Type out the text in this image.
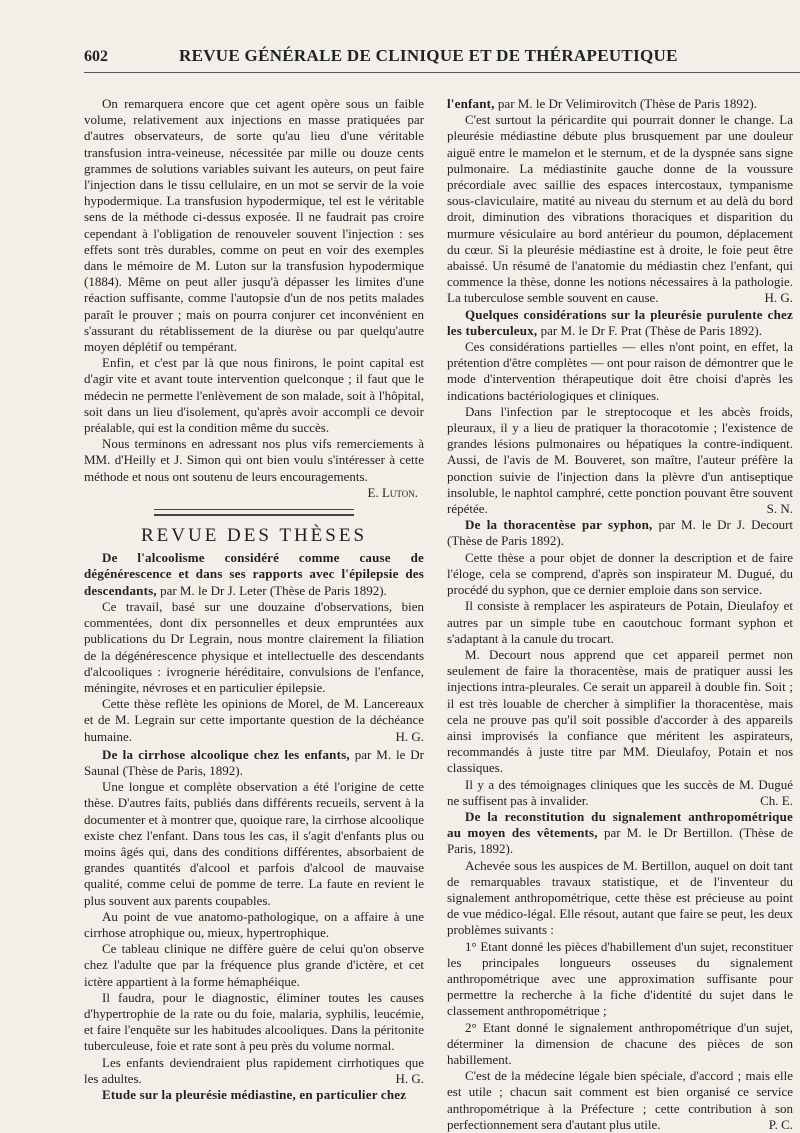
602	REVUE GÉNÉRALE DE CLINIQUE ET DE THÉRAPEUTIQUE

On remarquera encore que cet agent opère sous un faible volume, relativement aux injections en masse pratiquées par d'autres observateurs, de sorte qu'au lieu d'une véritable transfusion intra-veineuse, nécessitée par mille ou douze cents grammes de solutions variables suivant les auteurs, on peut faire l'injection dans le tissu cellulaire, en un mot se servir de la voie hypodermique. La transfusion hypodermique, tel est le véritable sens de la méthode ci-dessus exposée. Il ne faudrait pas croire cependant à l'obligation de renouveler souvent l'injection : ses effets sont très durables, comme on peut en voir des exemples dans le mémoire de M. Luton sur la transfusion hypodermique (1884). Même on peut aller jusqu'à dépasser les limites d'une réaction suffisante, comme l'autopsie d'un de nos petits malades paraît le prouver ; mais on pourra conjurer cet inconvénient en s'assurant du rétablissement de la diurèse ou par quelqu'autre moyen déplétif ou tempérant.

Enfin, et c'est par là que nous finirons, le point capital est d'agir vite et avant toute intervention quelconque ; il faut que le médecin ne permette l'enlèvement de son malade, soit à l'hôpital, soit dans un lieu d'isolement, qu'après avoir accompli ce devoir préalable, qui est la condition même du succès.

Nous terminons en adressant nos plus vifs remerciements à MM. d'Heilly et J. Simon qui ont bien voulu s'intéresser à cette méthode et nous ont soutenu de leurs encouragements.

E. Luton.

REVUE DES THÈSES

De l'alcoolisme considéré comme cause de dégénérescence et dans ses rapports avec l'épilepsie des descendants, par M. le Dr J. Leter (Thèse de Paris 1892).

Ce travail, basé sur une douzaine d'observations, bien commentées, dont dix personnelles et deux empruntées aux publications du Dr Legrain, nous montre clairement la filiation de la dégénérescence physique et intellectuelle des descendants d'alcooliques : ivrognerie héréditaire, convulsions de l'enfance, méningite, névroses et en particulier épilepsie.

Cette thèse reflète les opinions de Morel, de M. Lancereaux et de M. Legrain sur cette importante question de la déchéance humaine.	H. G.

De la cirrhose alcoolique chez les enfants, par M. le Dr Saunal (Thèse de Paris, 1892).

Une longue et complète observation a été l'origine de cette thèse. D'autres faits, publiés dans différents recueils, servent à la documenter et à montrer que, quoique rare, la cirrhose alcoolique existe chez l'enfant. Dans tous les cas, il s'agit d'enfants plus ou moins âgés qui, dans des conditions différentes, absorbaient de grandes quantités d'alcool et parfois d'alcool de mauvaise qualité, comme celui de pomme de terre. La faute en revient le plus souvent aux parents coupables.

Au point de vue anatomo-pathologique, on a affaire à une cirrhose atrophique ou, mieux, hypertrophique.

Ce tableau clinique ne diffère guère de celui qu'on observe chez l'adulte que par la fréquence plus grande d'ictère, et cet ictère appartient à la forme hémaphéique.

Il faudra, pour le diagnostic, éliminer toutes les causes d'hypertrophie de la rate ou du foie, malaria, syphilis, leucémie, et faire l'enquête sur les habitudes alcooliques. Dans la péritonite tuberculeuse, foie et rate sont à peu près du volume normal.

Les enfants deviendraient plus rapidement cirrhotiques que les adultes.	H. G.

Etude sur la pleurésie médiastine, en particulier chez

l'enfant, par M. le Dr Velimirovitch (Thèse de Paris 1892).

C'est surtout la péricardite qui pourrait donner le change. La pleurésie médiastine débute plus brusquement par une douleur aiguë entre le mamelon et le sternum, et de la dyspnée sans signe pulmonaire. La médiastinite gauche donne de la voussure précordiale avec saillie des espaces intercostaux, tympanisme sous-claviculaire, matité au niveau du sternum et au delà du bord droit, diminution des vibrations thoraciques et disparition du murmure vésiculaire au bord antérieur du poumon, déplacement du cœur. Si la pleurésie médiastine est à droite, le foie peut être abaissé. Un résumé de l'anatomie du médiastin chez l'enfant, qui commence la thèse, donne les notions nécessaires à la pathologie. La tuberculose semble souvent en cause.	H. G.

Quelques considérations sur la pleurésie purulente chez les tuberculeux, par M. le Dr F. Prat (Thèse de Paris 1892).

Ces considérations partielles — elles n'ont point, en effet, la prétention d'être complètes — ont pour raison de démontrer que le mode d'intervention thérapeutique doit être choisi d'après les indications bactériologiques et cliniques.

Dans l'infection par le streptocoque et les abcès froids, pleuraux, il y a lieu de pratiquer la thoracotomie ; l'existence de grandes lésions pulmonaires ou hépatiques la contre-indiquent. Aussi, de l'avis de M. Bouveret, son maître, l'auteur préfère la ponction suivie de l'injection dans la plèvre d'un antiseptique insoluble, le naphtol camphré, cette ponction pouvant être souvent répétée.	S. N.

De la thoracentèse par syphon, par M. le Dr J. Decourt (Thèse de Paris 1892).

Cette thèse a pour objet de donner la description et de faire l'éloge, cela se comprend, d'après son inspirateur M. Dugué, du procédé du syphon, que ce dernier emploie dans son service.

Il consiste à remplacer les aspirateurs de Potain, Dieulafoy et autres par un simple tube en caoutchouc formant syphon et s'adaptant à la canule du trocart.

M. Decourt nous apprend que cet appareil permet non seulement de faire la thoracentèse, mais de pratiquer aussi les injections intra-pleurales. Ce serait un appareil à double fin. Soit ; il est très louable de chercher à simplifier la thoracentèse, mais cela ne prouve pas qu'il soit possible d'accorder à des appareils ainsi improvisés la confiance que méritent les aspirateurs, recommandés à juste titre par MM. Dieulafoy, Potain et nos classiques.

Il y a des témoignages cliniques que les succès de M. Dugué ne suffisent pas à invalider.	Ch. E.

De la reconstitution du signalement anthropométrique au moyen des vêtements, par M. le Dr Bertillon. (Thèse de Paris, 1892).

Achevée sous les auspices de M. Bertillon, auquel on doit tant de remarquables travaux statistique, et de l'inventeur du signalement anthropométrique, cette thèse est précieuse au point de vue médico-légal. Elle résout, autant que faire se peut, les deux problèmes suivants :

1° Etant donné les pièces d'habillement d'un sujet, reconstituer les principales longueurs osseuses du signalement anthropométrique avec une approximation suffisante pour permettre la recherche à la fiche d'identité du sujet dans le classement anthropométrique ;

2° Etant donné le signalement anthropométrique d'un sujet, déterminer la dimension de chacune des pièces de son habillement.

C'est de la médecine légale bien spéciale, d'accord ; mais elle est utile ; chacun sait comment est bien organisé ce service anthropométrique à la Préfecture ; cette contribution à son perfectionnement sera d'autant plus utile.	P. C.
